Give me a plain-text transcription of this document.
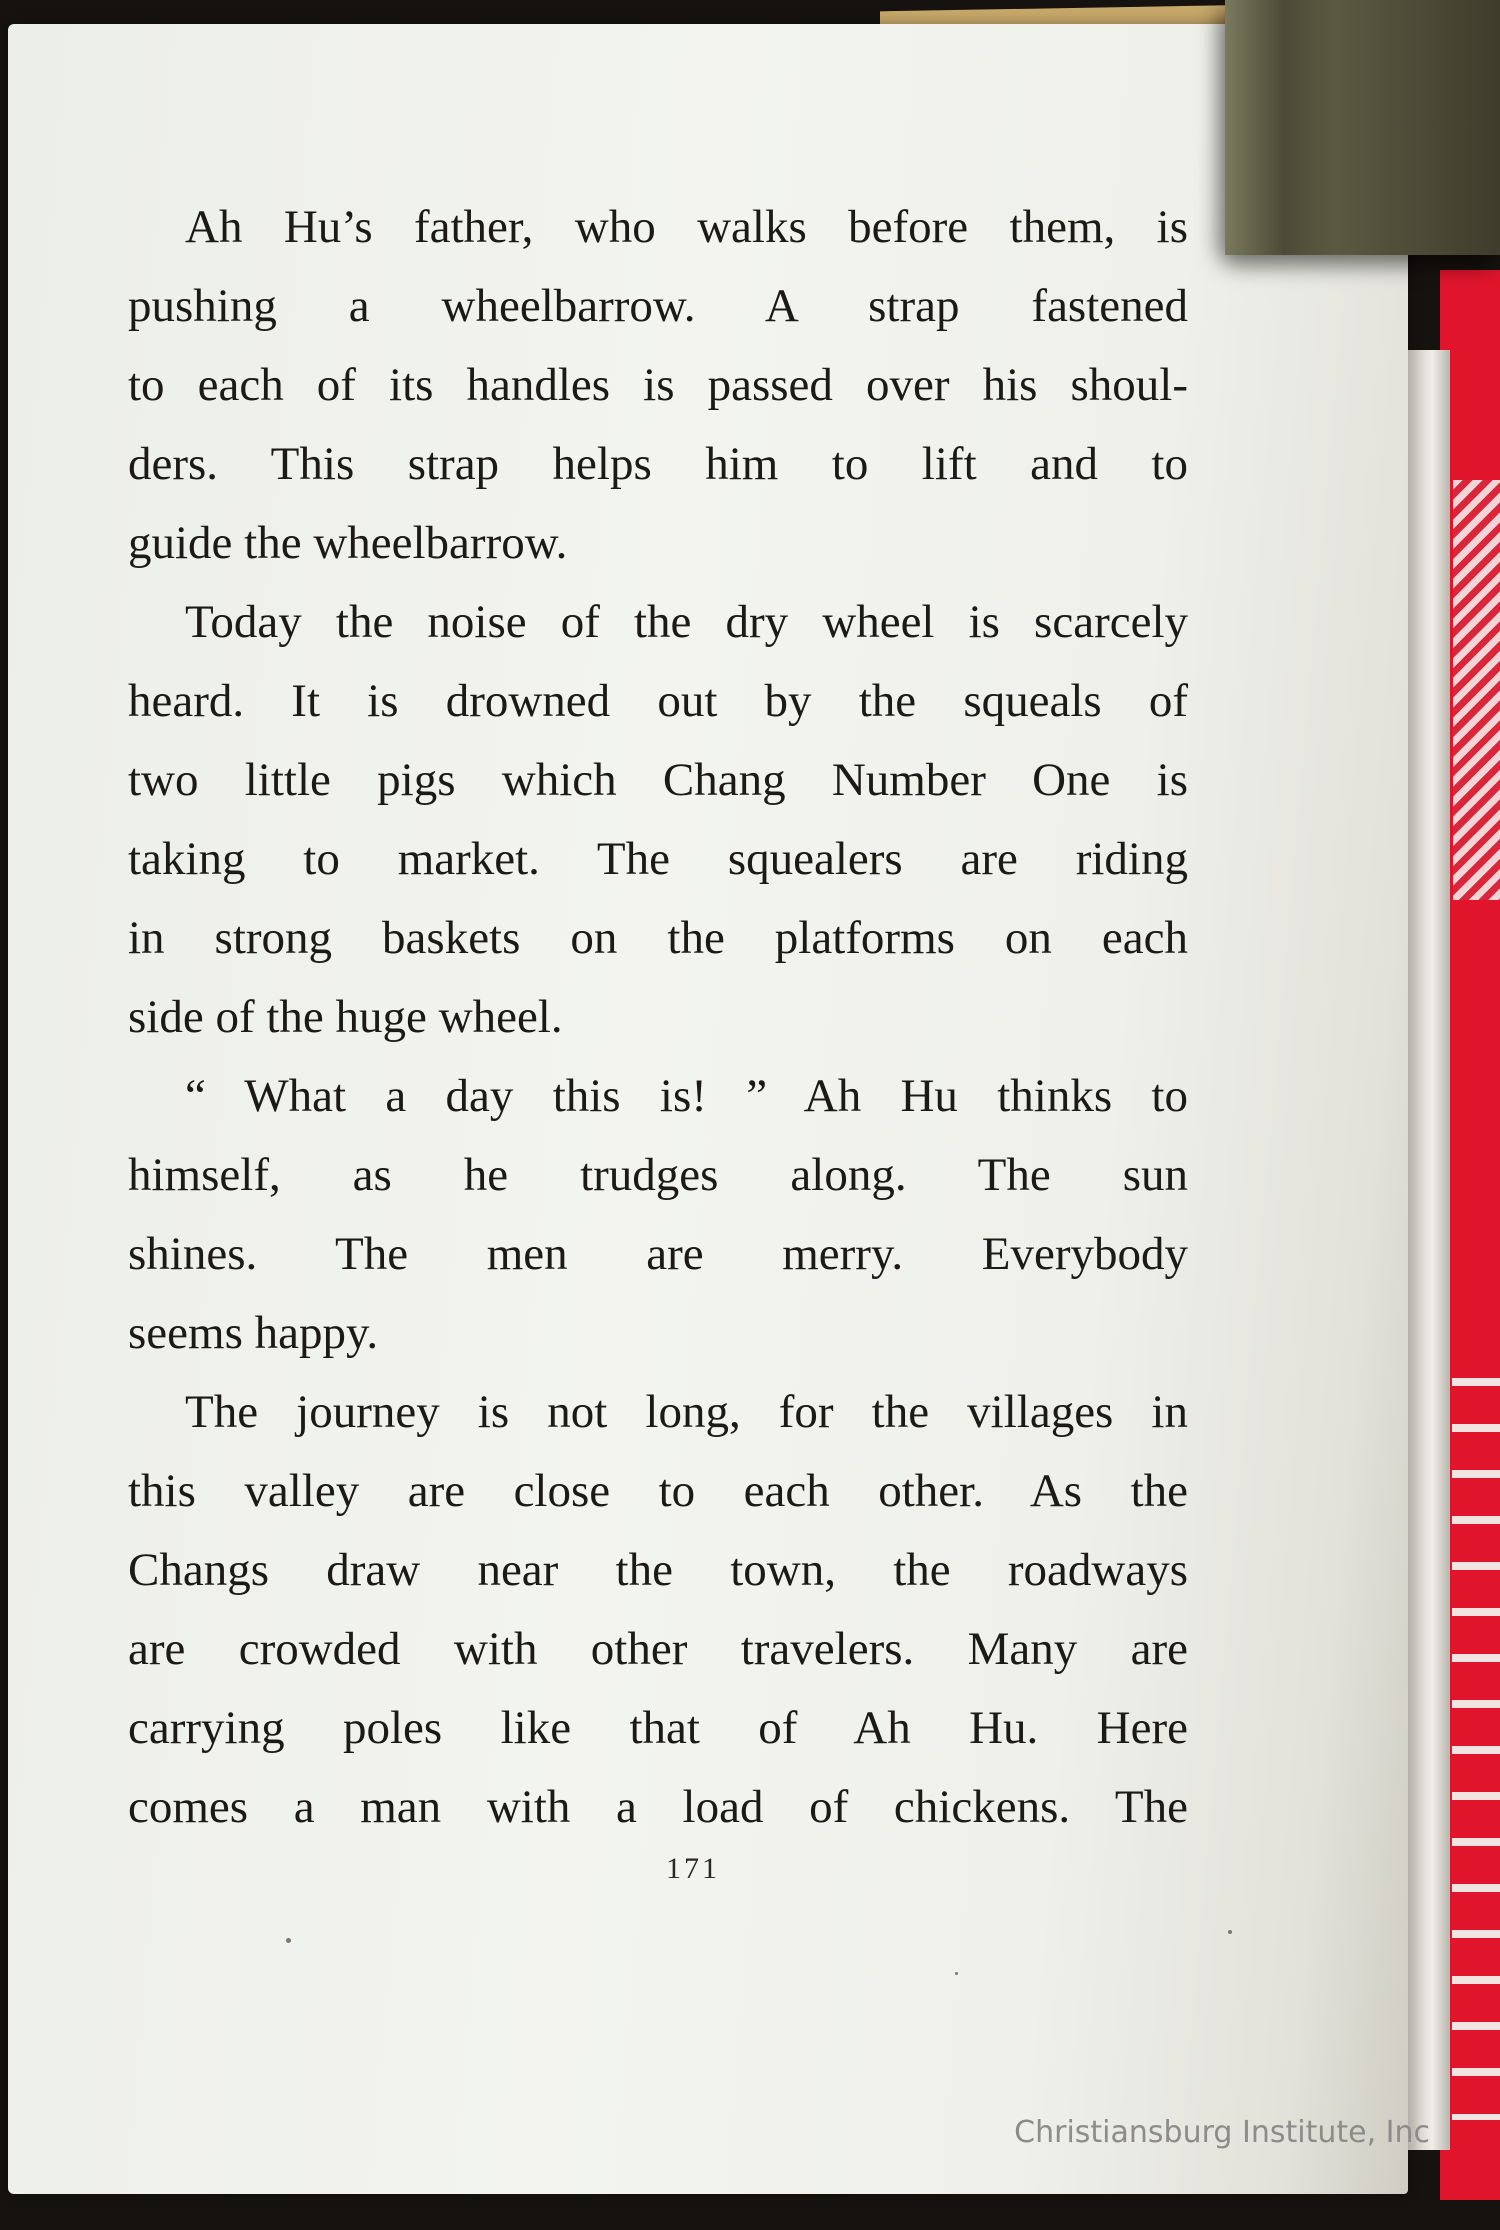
Ah Hu’s father, who walks before them, is
pushing a wheelbarrow. A strap fastened
to each of its handles is passed over his shoul-
ders. This strap helps him to lift and to
guide the wheelbarrow.
Today the noise of the dry wheel is scarcely
heard. It is drowned out by the squeals of
two little pigs which Chang Number One is
taking to market. The squealers are riding
in strong baskets on the platforms on each
side of the huge wheel.
“ What a day this is! ” Ah Hu thinks to
himself, as he trudges along. The sun
shines. The men are merry. Everybody
seems happy.
The journey is not long, for the villages in
this valley are close to each other. As the
Changs draw near the town, the roadways
are crowded with other travelers. Many are
carrying poles like that of Ah Hu. Here
comes a man with a load of chickens. The
171
Christiansburg Institute, Inc
